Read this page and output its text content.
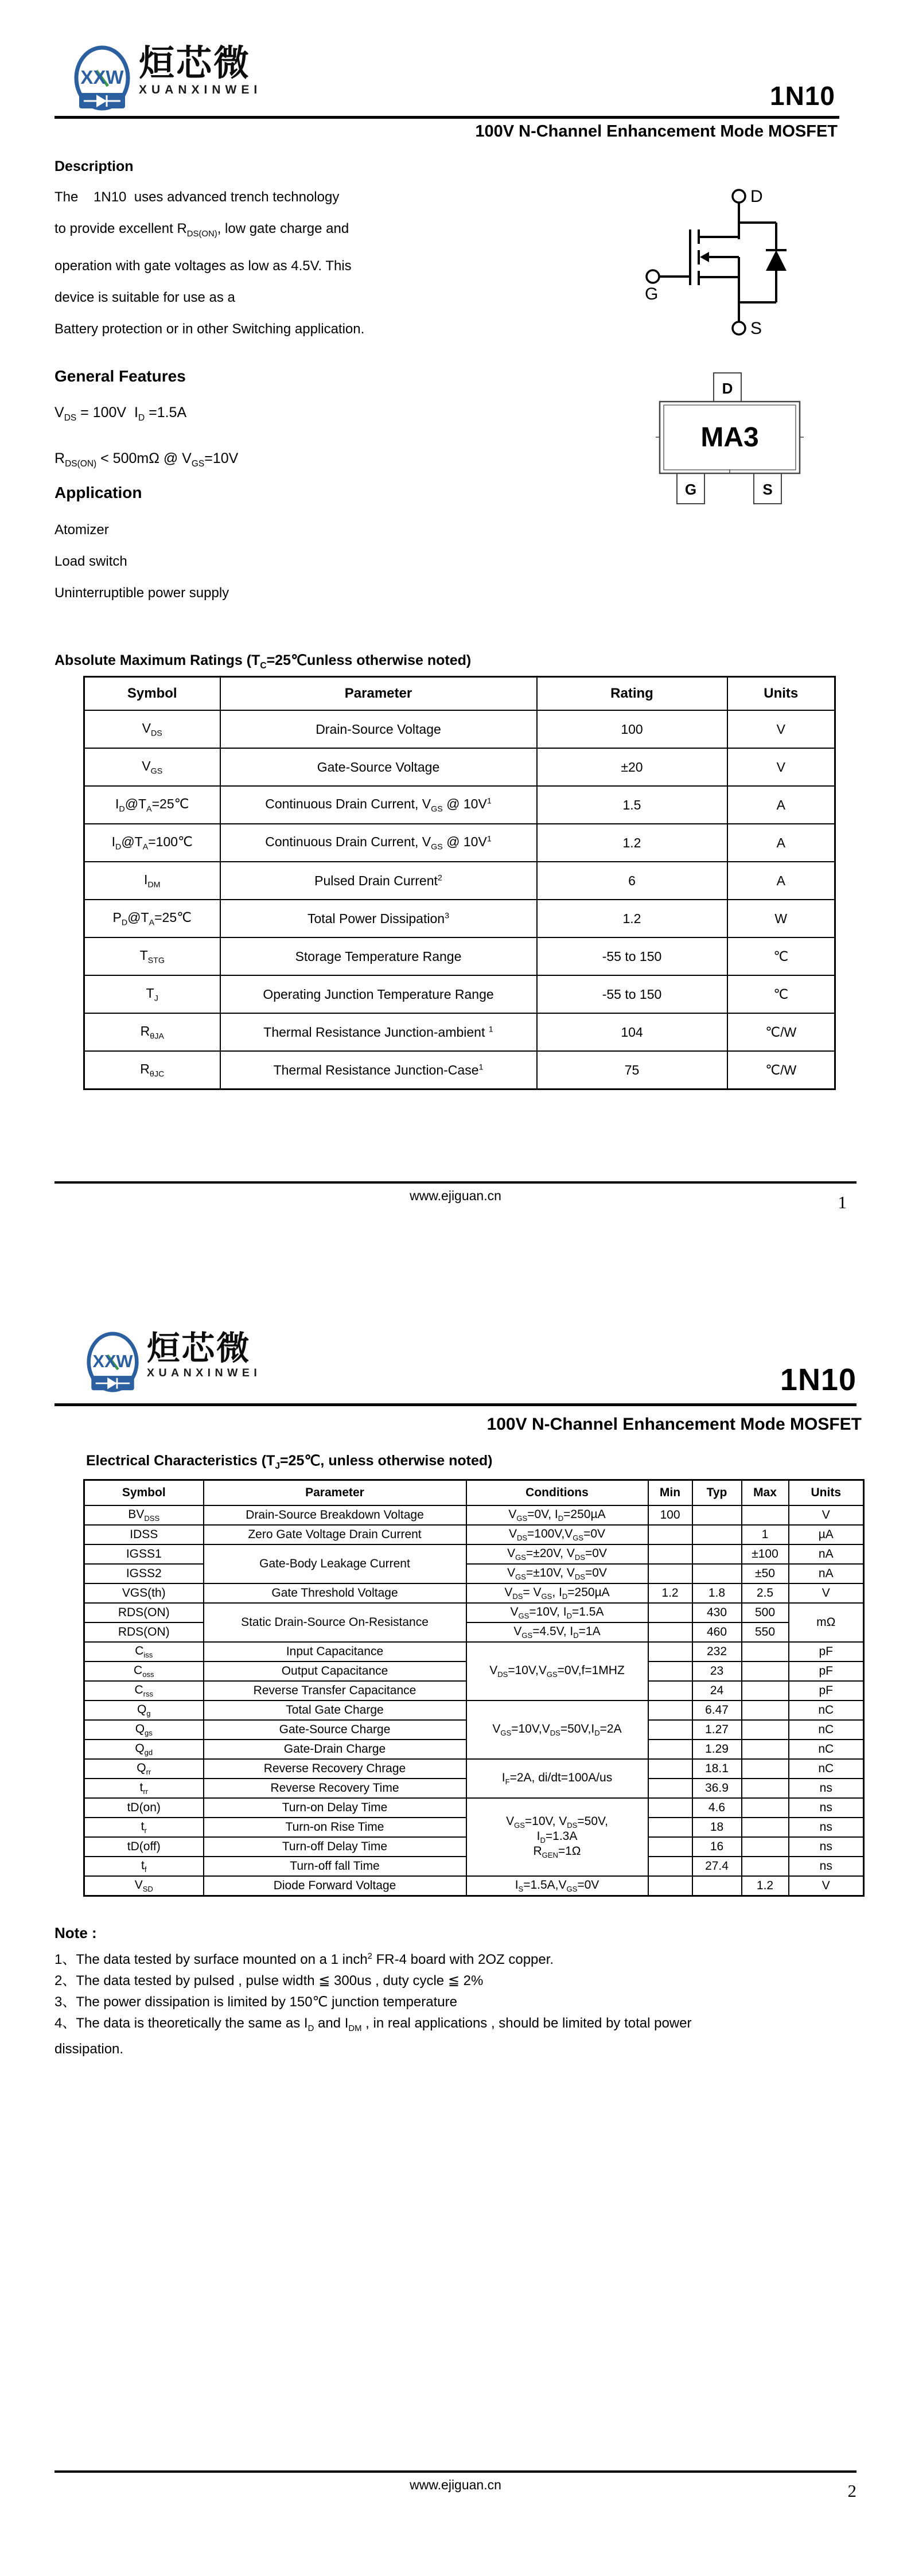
XXW 烜芯微
XUANXINWEI	1N10
100V N-Channel Enhancement Mode MOSFET
Description
The    1N10  uses advanced trench technology
to provide excellent $R_{DS(ON)}$, low gate charge and
operation with gate voltages as low as 4.5V. This
device is suitable for use as a
Battery protection or in other Switching application.
General Features
$V_{DS} = 100V$  $I_D =1.5A$
$R_{DS(ON)} < 500m\Omega$ @ $V_{GS}=10V$
Application
Atomizer
Load switch
Uninterruptible power supply
D
G
S
MA3
D
G	S
Absolute Maximum Ratings ($T_C=25℃unless$ otherwise noted)
Symbol	Parameter	Rating	Units
$V_{DS}$	Drain-Source Voltage	100	V
$V_{GS}$	Gate-Source Voltage	±20	V
$I_D@T_A=25℃$	Continuous Drain Current, $V_{GS}$ @ $10V^1$	1.5	A
$I_D@T_A=100℃$	Continuous Drain Current, $V_{GS}$ @ $10V^1$	1.2	A
$I_{DM}$	Pulsed Drain Current$^2$	6	A
$P_D@T_A=25℃$	Total Power Dissipation$^3$	1.2	W
$T_{STG}$	Storage Temperature Range	-55 to 150	℃
$T_J$	Operating Junction Temperature Range	-55 to 150	℃
$R_{\theta JA}$	Thermal Resistance Junction-ambient $^1$	104	℃/W
$R_{\theta JC}$	Thermal Resistance Junction-Case$^1$	75	℃/W
www.ejiguan.cn	1
XXW 烜芯微
XUANXINWEI	1N10
100V N-Channel Enhancement Mode MOSFET
Electrical Characteristics ($T_J=25℃$, unless otherwise noted)
Symbol	Parameter	Conditions	Min	Typ	Max	Units
$BV_{DSS}$	Drain-Source Breakdown Voltage	$V_{GS}=0V$, $I_D=250\mu A$	100			V
IDSS	Zero Gate Voltage Drain Current	$V_{DS}=100V,V_{GS}=0V$			1	µA
IGSS1	Gate-Body Leakage Current	$V_{GS}=\pm 20V$, $V_{DS}=0V$			±100	nA
IGSS2		$V_{GS}=\pm 10V$, $V_{DS}=0V$			±50	nA
VGS(th)	Gate Threshold Voltage	$V_{DS}= V_{GS}$, $I_D=250\mu A$	1.2	1.8	2.5	V
RDS(ON)	Static Drain-Source On-Resistance	$V_{GS}=10V$, $I_D=1.5A$		430	500	mΩ
RDS(ON)		$V_{GS}=4.5V$, $I_D=1A$		460	550	
$C_{iss}$	Input Capacitance	$V_{DS}=10V,V_{GS}=0V,f=1MHZ$		232		pF
$C_{oss}$	Output Capacitance			23		pF
$C_{rss}$	Reverse Transfer Capacitance			24		pF
$Q_g$	Total Gate Charge	$V_{GS}=10V,V_{DS}=50V,I_D=2A$		6.47		nC
$Q_{gs}$	Gate-Source Charge			1.27		nC
$Q_{gd}$	Gate-Drain Charge			1.29		nC
$Q_{rr}$	Reverse Recovery Chrage	$I_F=2A$, di/dt=100A/us		18.1		nC
$t_{rr}$	Reverse Recovery Time			36.9		ns
tD(on)	Turn-on Delay Time	$V_{GS}=10V$, $V_{DS}=50V$,
$I_D=1.3A$
$R_{GEN}=1\Omega$		4.6		ns
$t_r$	Turn-on Rise Time			18		ns
tD(off)	Turn-off Delay Time			16		ns
$t_f$	Turn-off fall Time			27.4		ns
$V_{SD}$	Diode Forward Voltage	$I_S=1.5A,V_{GS}=0V$			1.2	V
Note :
1、The data tested by surface mounted on a 1 inch$^2$ FR-4 board with 2OZ copper.
2、The data tested by pulsed , pulse width ≦ 300us , duty cycle ≦ 2%
3、The power dissipation is limited by 150℃ junction temperature
4、The data is theoretically the same as $I_D$ and $I_{DM}$ , in real applications , should be limited by total power
dissipation.
www.ejiguan.cn	2
